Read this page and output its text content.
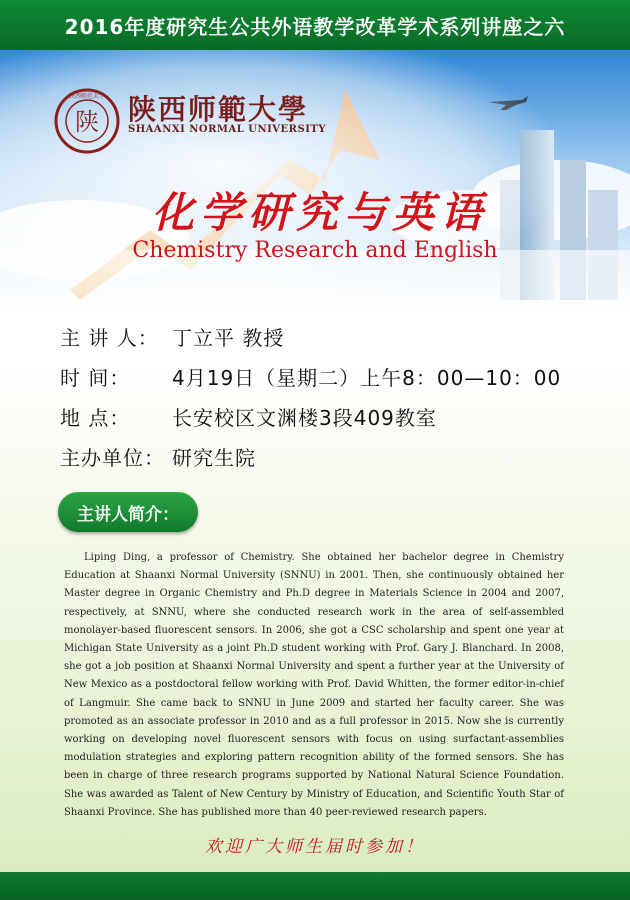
2016年度研究生公共外语教学改革学术系列讲座之六
陕
陕西师范大学 陕西师範大學
SHAANXI NORMAL UNIVERSITY
化学研究与英语
Chemistry Research and English
主 讲 人： 丁立平 教授
时 间： 4月19日（星期二）上午8：00—10：00
地 点： 长安校区文渊楼3段409教室
主办单位： 研究生院
主讲人简介：
Liping Ding, a professor of Chemistry. She obtained her bachelor degree in Chemistry Education at Shaanxi Normal University (SNNU) in 2001. Then, she continuously obtained her Master degree in Organic Chemistry and Ph.D degree in Materials Science in 2004 and 2007, respectively, at SNNU, where she conducted research work in the area of self-assembled monolayer-based fluorescent sensors. In 2006, she got a CSC scholarship and spent one year at Michigan State University as a joint Ph.D student working with Prof. Gary J. Blanchard. In 2008, she got a job position at Shaanxi Normal University and spent a further year at the University of New Mexico as a postdoctoral fellow working with Prof. David Whitten, the former editor-in-chief of Langmuir. She came back to SNNU in June 2009 and started her faculty career. She was promoted as an associate professor in 2010 and as a full professor in 2015. Now she is currently working on developing novel fluorescent sensors with focus on using surfactant-assemblies modulation strategies and exploring pattern recognition ability of the formed sensors. She has been in charge of three research programs supported by National Natural Science Foundation. She was awarded as Talent of New Century by Ministry of Education, and Scientific Youth Star of Shaanxi Province. She has published more than 40 peer-reviewed research papers.
欢迎广大师生届时参加！
